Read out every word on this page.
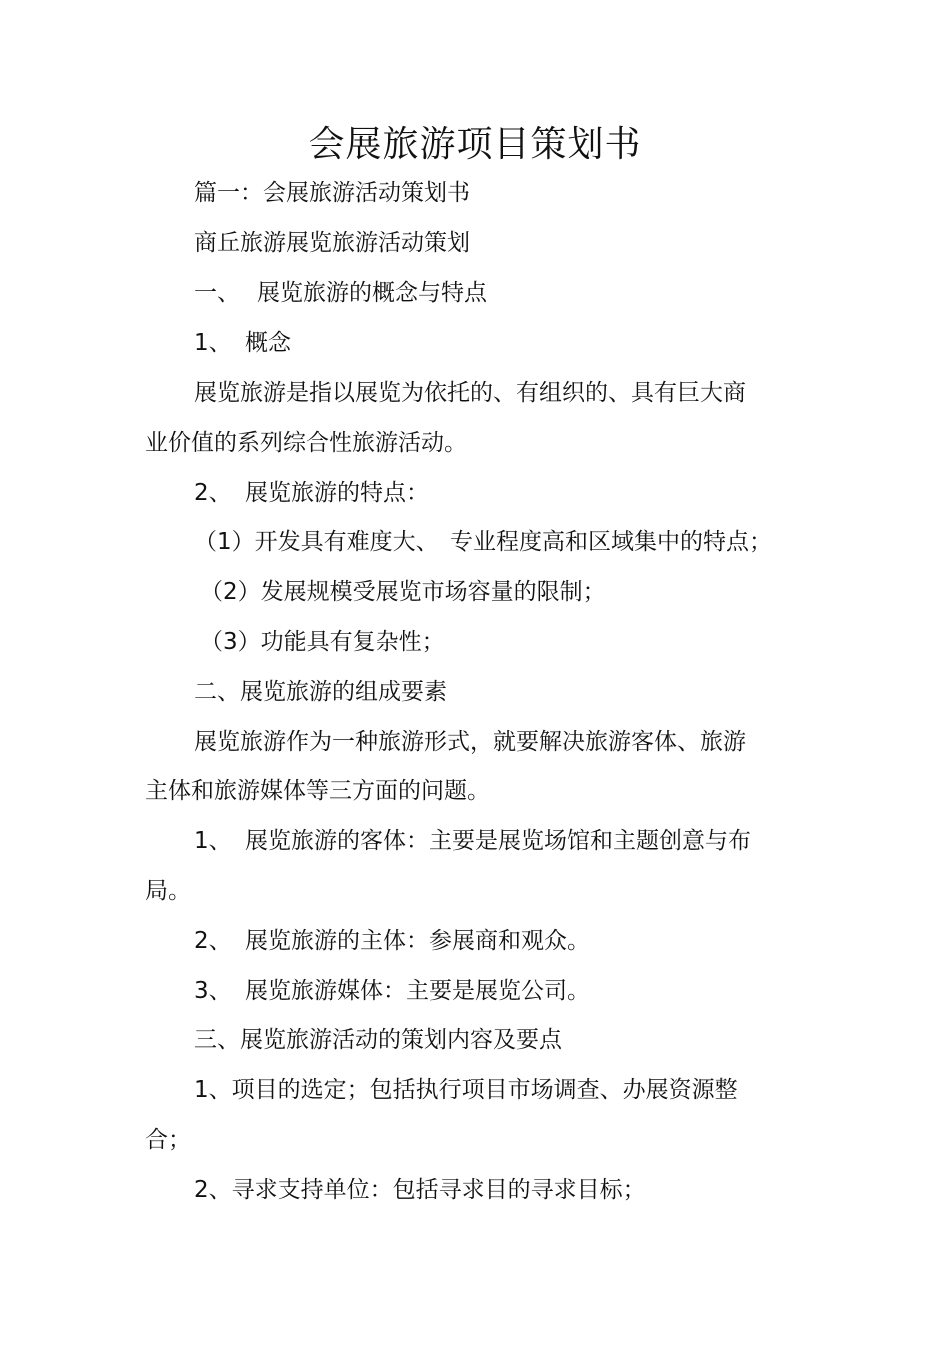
会展旅游项目策划书
篇一：会展旅游活动策划书
商丘旅游展览旅游活动策划
一、 展览旅游的概念与特点
1、 概念
展览旅游是指以展览为依托的、有组织的、具有巨大商
业价值的系列综合性旅游活动。
2、 展览旅游的特点：
（1）开发具有难度大、 专业程度高和区域集中的特点；
（2）发展规模受展览市场容量的限制；
（3）功能具有复杂性；
二、展览旅游的组成要素
展览旅游作为一种旅游形式，就要解决旅游客体、旅游
主体和旅游媒体等三方面的问题。
1、 展览旅游的客体：主要是展览场馆和主题创意与布
局。
2、 展览旅游的主体：参展商和观众。
3、 展览旅游媒体：主要是展览公司。
三、展览旅游活动的策划内容及要点
1、项目的选定；包括执行项目市场调查、办展资源整
合；
2、寻求支持单位：包括寻求目的寻求目标；
